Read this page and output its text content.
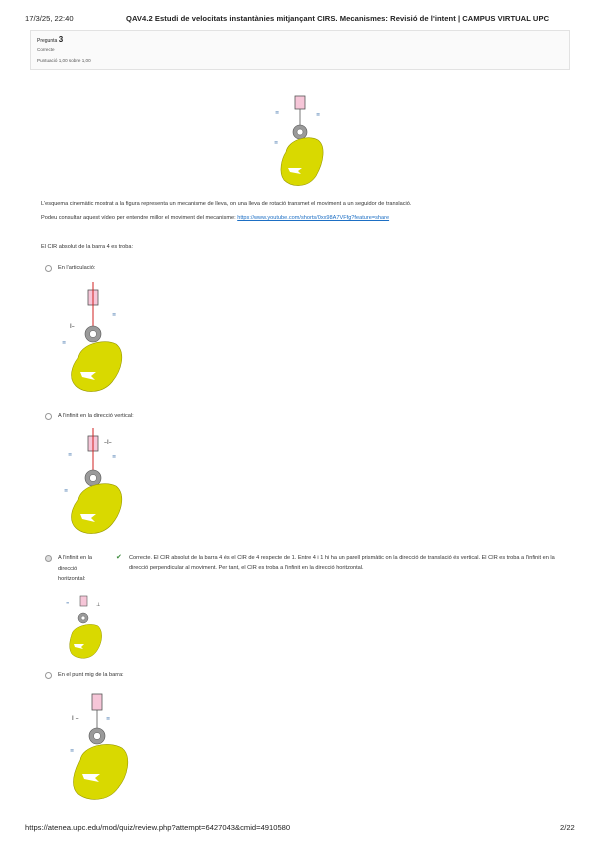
17/3/25, 22:40	QAV4.2 Estudi de velocitats instantànies mitjançant CIRS. Mecanismes: Revisió de l'intent | CAMPUS VIRTUAL UPC
Pregunta 3
Correcte
Puntuació 1,00 sobre 1,00
≡	≡
≡
L'esquema cinemàtic mostrat a la figura representa un mecanisme de lleva, on una lleva de rotació transmet el moviment a un seguidor de translació.
Podeu consultar aquest vídeo per entendre millor el moviment del mecanisme: https://www.youtube.com/shorts/0xx98A7VFfg?feature=share
El CIR absolut de la barra 4 es troba:
En l'articulació:
I–
≡
≡
A l'infinit en la direcció vertical:
–I–
≡	≡
≡
A l'infinit en la direcció horitzontal:
✔ Correcte. El CIR absolut de la barra 4 és el CIR de 4 respecte de 1. Entre 4 i 1 hi ha un parell prismàtic on la direcció de translació és vertical. El CIR es troba a l'infinit en la direcció perpendicular al moviment. Per tant, el CIR es troba a l'infinit en la direcció horitzontal.
⊥
≡
En el punt mig de la barra:
I –	≡
≡
https://atenea.upc.edu/mod/quiz/review.php?attempt=6427043&cmid=4910580	2/22
